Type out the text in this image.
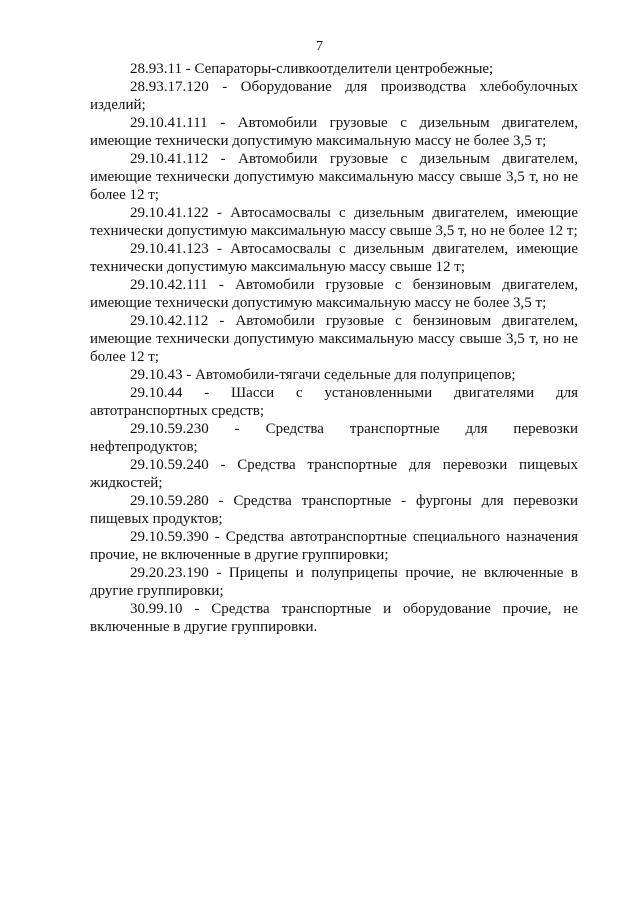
7

28.93.11 - Сепараторы-сливкоотделители центробежные;

28.93.17.120 - Оборудование для производства хлебобулочных изделий;

29.10.41.111 - Автомобили грузовые с дизельным двигателем, имеющие технически допустимую максимальную массу не более 3,5 т;

29.10.41.112 - Автомобили грузовые с дизельным двигателем, имеющие технически допустимую максимальную массу свыше 3,5 т, но не более 12 т;

29.10.41.122 - Автосамосвалы с дизельным двигателем, имеющие технически допустимую максимальную массу свыше 3,5 т, но не более 12 т;

29.10.41.123 - Автосамосвалы с дизельным двигателем, имеющие технически допустимую максимальную массу свыше 12 т;

29.10.42.111 - Автомобили грузовые с бензиновым двигателем, имеющие технически допустимую максимальную массу не более 3,5 т;

29.10.42.112 - Автомобили грузовые с бензиновым двигателем, имеющие технически допустимую максимальную массу свыше 3,5 т, но не более 12 т;

29.10.43 - Автомобили-тягачи седельные для полуприцепов;

29.10.44 - Шасси с установленными двигателями для автотранспортных средств;

29.10.59.230 - Средства транспортные для перевозки нефтепродуктов;

29.10.59.240 - Средства транспортные для перевозки пищевых жидкостей;

29.10.59.280 - Средства транспортные - фургоны для перевозки пищевых продуктов;

29.10.59.390 - Средства автотранспортные специального назначения прочие, не включенные в другие группировки;

29.20.23.190 - Прицепы и полуприцепы прочие, не включенные в другие группировки;

30.99.10 - Средства транспортные и оборудование прочие, не включенные в другие группировки.
